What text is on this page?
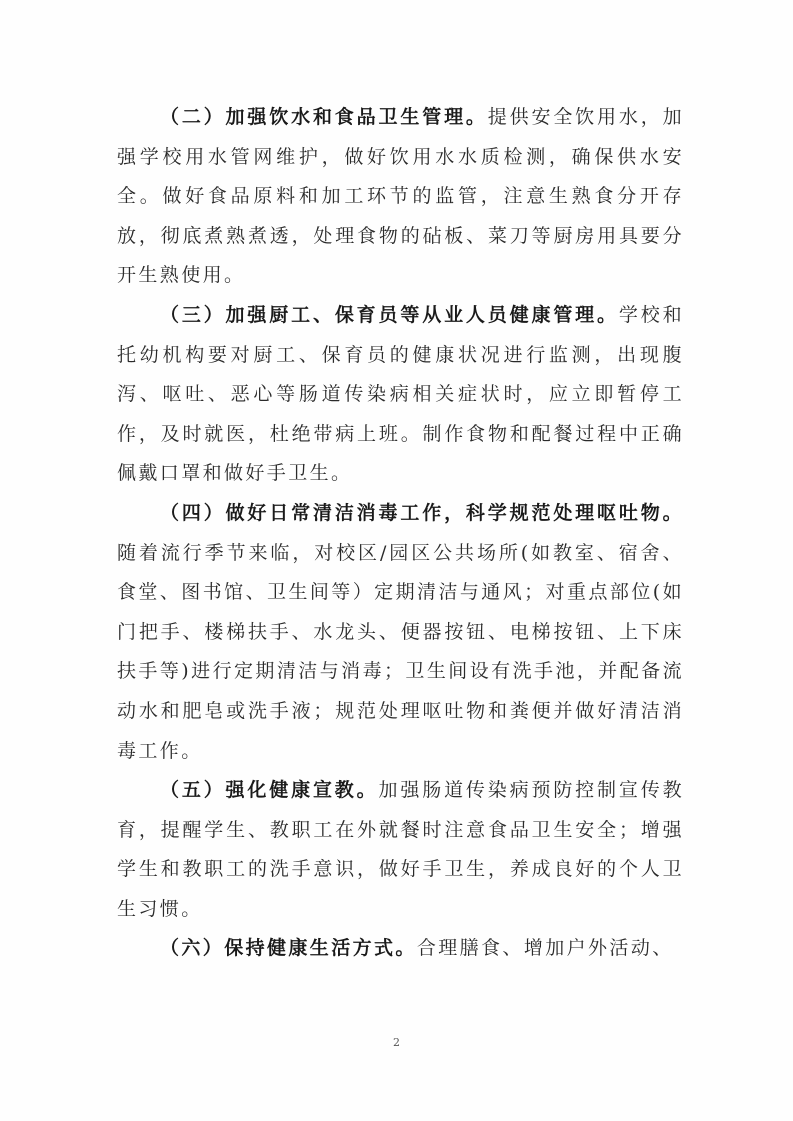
（二）加强饮水和食品卫生管理。提供安全饮用水，加强学校用水管网维护，做好饮用水水质检测，确保供水安全。做好食品原料和加工环节的监管，注意生熟食分开存放，彻底煮熟煮透，处理食物的砧板、菜刀等厨房用具要分开生熟使用。

（三）加强厨工、保育员等从业人员健康管理。学校和托幼机构要对厨工、保育员的健康状况进行监测，出现腹泻、呕吐、恶心等肠道传染病相关症状时，应立即暂停工作，及时就医，杜绝带病上班。制作食物和配餐过程中正确佩戴口罩和做好手卫生。

（四）做好日常清洁消毒工作，科学规范处理呕吐物。随着流行季节来临，对校区/园区公共场所(如教室、宿舍、食堂、图书馆、卫生间等）定期清洁与通风；对重点部位(如门把手、楼梯扶手、水龙头、便器按钮、电梯按钮、上下床扶手等)进行定期清洁与消毒；卫生间设有洗手池，并配备流动水和肥皂或洗手液；规范处理呕吐物和粪便并做好清洁消毒工作。

（五）强化健康宣教。加强肠道传染病预防控制宣传教育，提醒学生、教职工在外就餐时注意食品卫生安全；增强学生和教职工的洗手意识，做好手卫生，养成良好的个人卫生习惯。

（六）保持健康生活方式。合理膳食、增加户外活动、

2
